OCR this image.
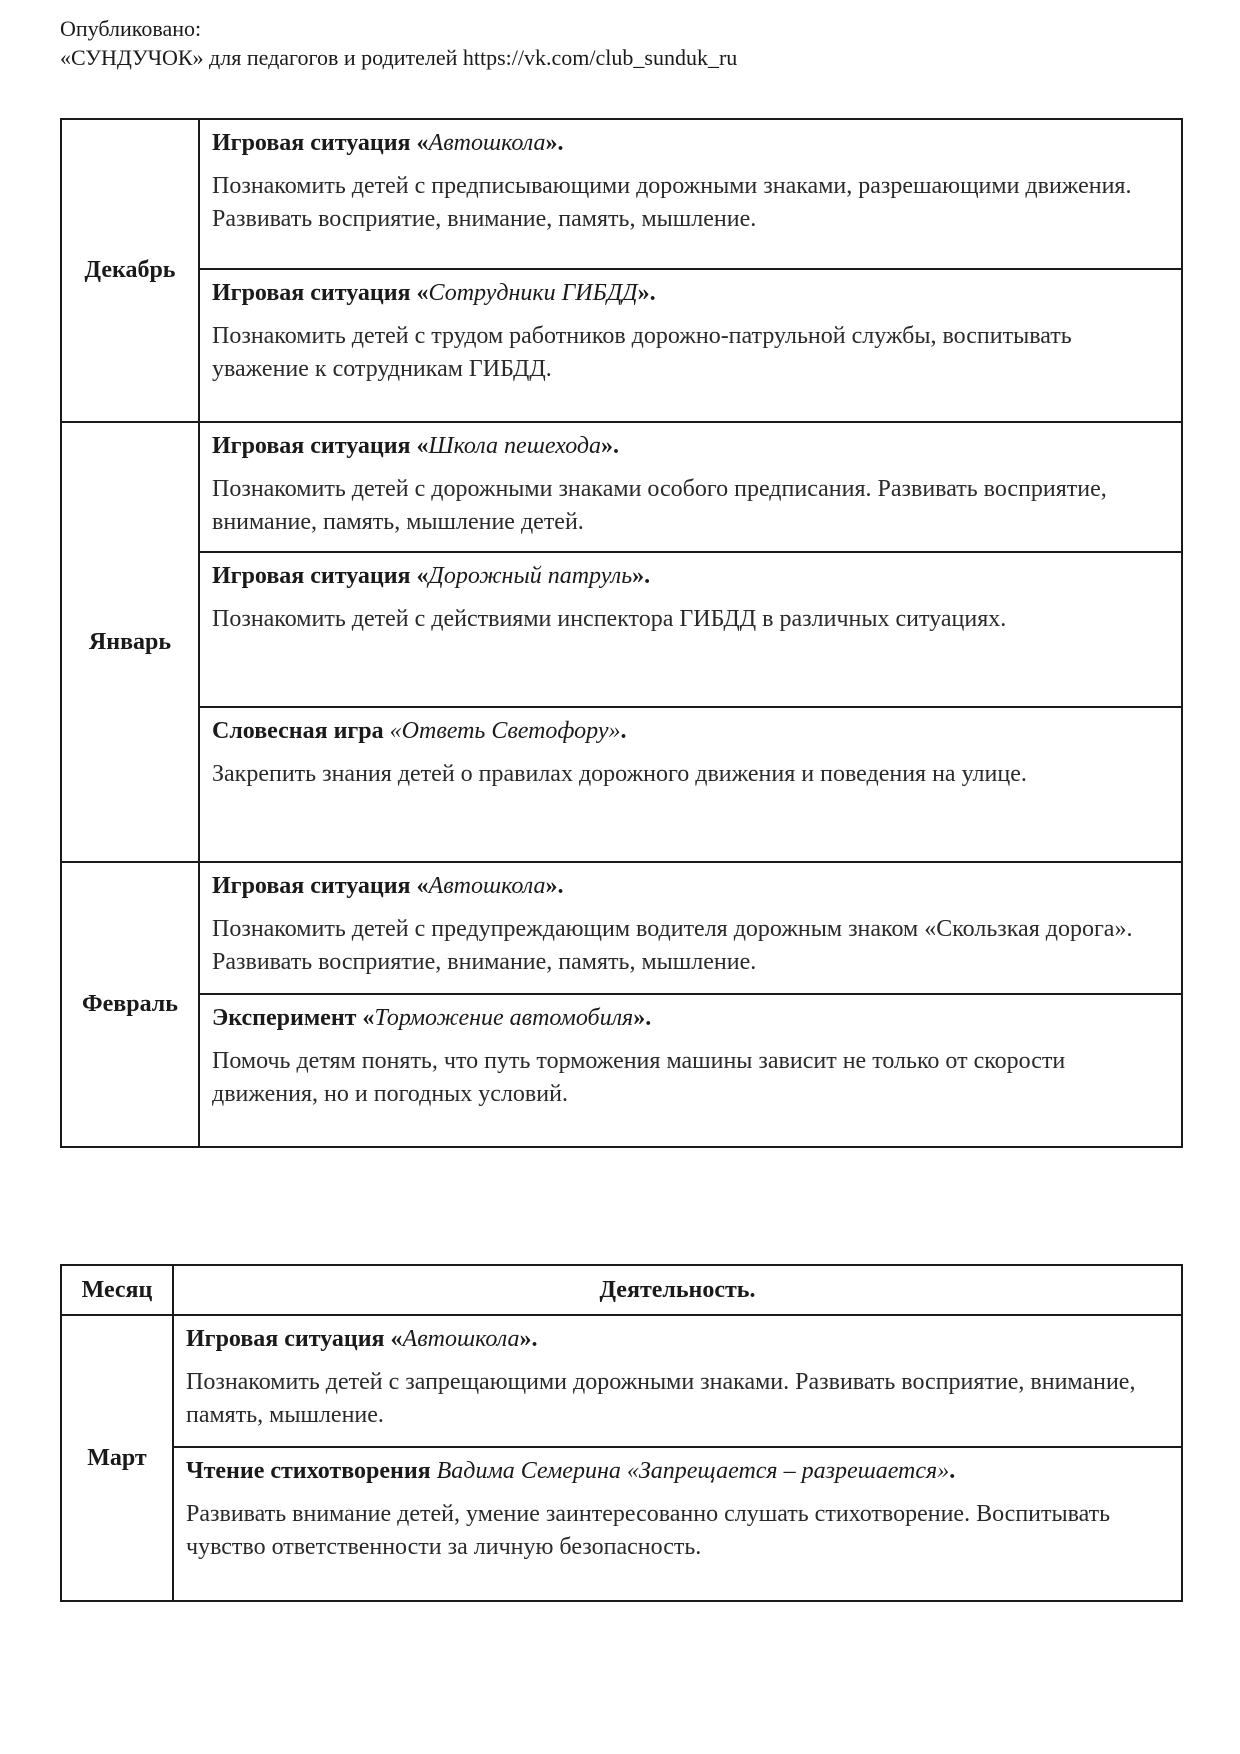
Опубликовано:
«СУНДУЧОК» для педагогов и родителей https://vk.com/club_sunduk_ru
Декабрь	Игровая ситуация «Автошкола».
Познакомить детей с предписывающими дорожными знаками, разрешающими движения. Развивать восприятие, внимание, память, мышление.

	Игровая ситуация «Сотрудники ГИБДД».
Познакомить детей с трудом работников дорожно-патрульной службы, воспитывать уважение к сотрудникам ГИБДД.

Январь	Игровая ситуация «Школа пешехода».
Познакомить детей с дорожными знаками особого предписания. Развивать восприятие, внимание, память, мышление детей.

	Игровая ситуация «Дорожный патруль».
Познакомить детей с действиями инспектора ГИБДД в различных ситуациях.

	Словесная игра «Ответь Светофору».
Закрепить знания детей о правилах дорожного движения и поведения на улице.

Февраль	Игровая ситуация «Автошкола».
Познакомить детей с предупреждающим водителя дорожным знаком «Скользкая дорога». Развивать восприятие, внимание, память, мышление.

	Эксперимент «Торможение автомобиля».
Помочь детям понять, что путь торможения машины зависит не только от скорости движения, но и погодных условий.
Месяц	Деятельность.
Март	Игровая ситуация «Автошкола».
Познакомить детей с запрещающими дорожными знаками. Развивать восприятие, внимание, память, мышление.

	Чтение стихотворения Вадима Семерина «Запрещается – разрешается».
Развивать внимание детей, умение заинтересованно слушать стихотворение. Воспитывать чувство ответственности за личную безопасность.
